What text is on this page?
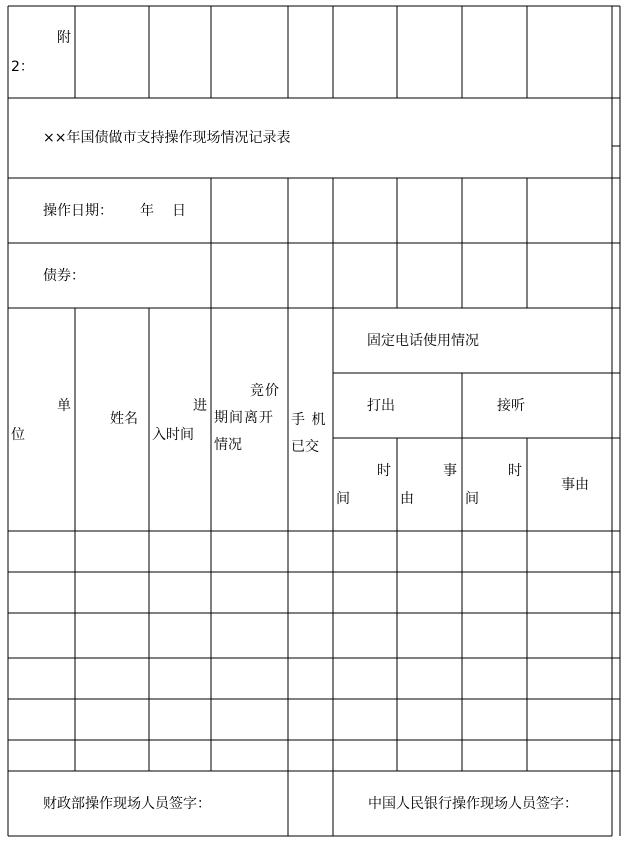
附
2：
××年国债做市支持操作现场情况记录表
操作日期： 年 日
债券：
单
位
姓名
进
入时间
竞价
期间离开
情况
手 机
已交
固定电话使用情况
打出	接听
时
间
事
由
时
间
事由
财政部操作现场人员签字：	中国人民银行操作现场人员签字：
